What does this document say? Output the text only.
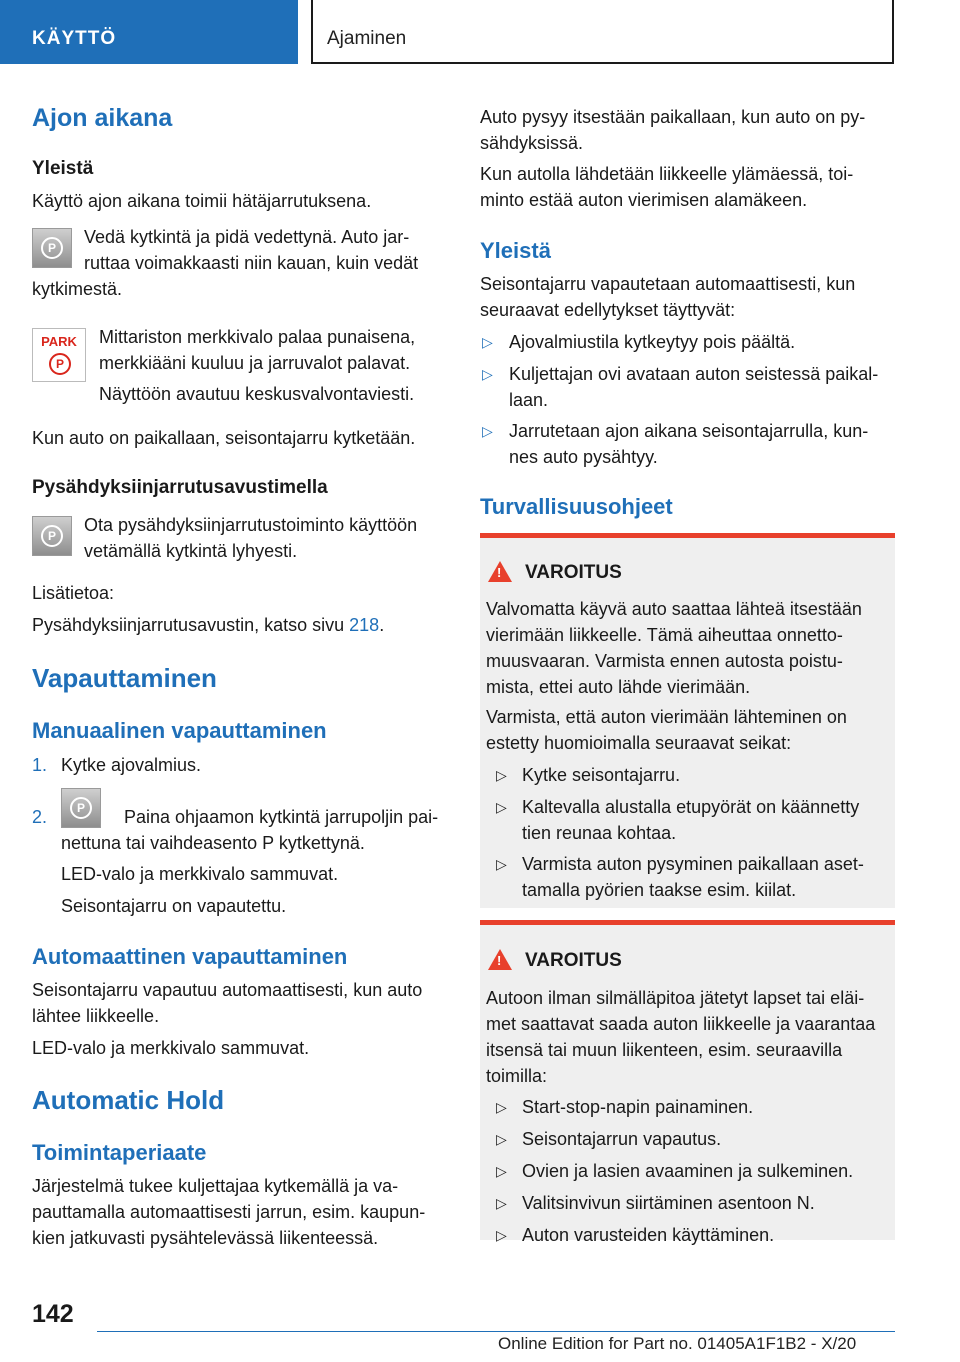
KÄYTTÖ	Ajaminen
Ajon aikana
Yleistä
Käyttö ajon aikana toimii hätäjarrutuksena.
P
Vedä kytkintä ja pidä vedettynä. Auto jar-
ruttaa voimakkaasti niin kauan, kuin vedät
kytkimestä.
PARK
P
Mittariston merkkivalo palaa punaisena,
merkkiääni kuuluu ja jarruvalot palavat.
Näyttöön avautuu keskusvalvontaviesti.
Kun auto on paikallaan, seisontajarru kytketään.
Pysähdyksiinjarrutusavustimella
P
Ota pysähdyksiinjarrutustoiminto käyttöön
vetämällä kytkintä lyhyesti.
Lisätietoa:
Pysähdyksiinjarrutusavustin, katso sivu 218.
Vapauttaminen
Manuaalinen vapauttaminen
1. Kytke ajovalmius.
2.	P	Paina ohjaamon kytkintä jarrupoljin pai-
nettuna tai vaihdeasento P kytkettynä.
LED-valo ja merkkivalo sammuvat.
Seisontajarru on vapautettu.
Automaattinen vapauttaminen
Seisontajarru vapautuu automaattisesti, kun auto
lähtee liikkeelle.
LED-valo ja merkkivalo sammuvat.
Automatic Hold
Toimintaperiaate
Järjestelmä tukee kuljettajaa kytkemällä ja va-
pauttamalla automaattisesti jarrun, esim. kaupun-
kien jatkuvasti pysähtelevässä liikenteessä.
Auto pysyy itsestään paikallaan, kun auto on py-
sähdyksissä.
Kun autolla lähdetään liikkeelle ylämäessä, toi-
minto estää auton vierimisen alamäkeen.
Yleistä
Seisontajarru vapautetaan automaattisesti, kun
seuraavat edellytykset täyttyvät:
▷ Ajovalmiustila kytkeytyy pois päältä.
▷ Kuljettajan ovi avataan auton seistessä paikal-
laan.
▷ Jarrutetaan ajon aikana seisontajarrulla, kun-
nes auto pysähtyy.
Turvallisuusohjeet
!
VAROITUS
Valvomatta käyvä auto saattaa lähteä itsestään
vierimään liikkeelle. Tämä aiheuttaa onnetto-
muusvaaran. Varmista ennen autosta poistu-
mista, ettei auto lähde vierimään.
Varmista, että auton vierimään lähteminen on
estetty huomioimalla seuraavat seikat:
▷ Kytke seisontajarru.
▷ Kaltevalla alustalla etupyörät on käännetty
tien reunaa kohtaa.
▷ Varmista auton pysyminen paikallaan aset-
tamalla pyörien taakse esim. kiilat.
!
VAROITUS
Autoon ilman silmälläpitoa jätetyt lapset tai eläi-
met saattavat saada auton liikkeelle ja vaarantaa
itsensä tai muun liikenteen, esim. seuraavilla
toimilla:
▷ Start-stop-napin painaminen.
▷ Seisontajarrun vapautus.
▷ Ovien ja lasien avaaminen ja sulkeminen.
▷ Valitsinvivun siirtäminen asentoon N.
▷ Auton varusteiden käyttäminen.
142
Online Edition for Part no. 01405A1F1B2 - X/20
